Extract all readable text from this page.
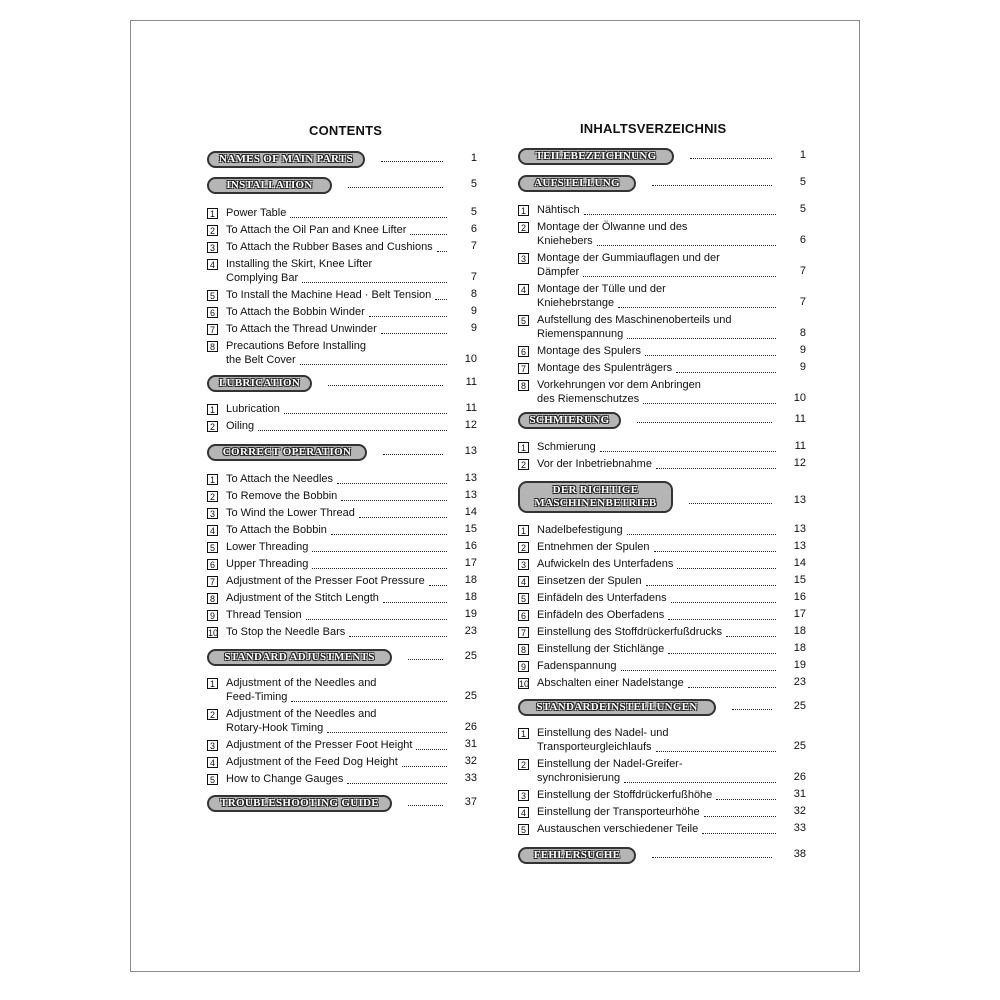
CONTENTS
NAMES OF MAIN PARTS	1
INSTALLATION	5
1 Power Table	5
2 To Attach the Oil Pan and Knee Lifter	6
3 To Attach the Rubber Bases and Cushions	7
4 Installing the Skirt, Knee Lifter
Complying Bar	7
5 To Install the Machine Head · Belt Tension	8
6 To Attach the Bobbin Winder	9
7 To Attach the Thread Unwinder	9
8 Precautions Before Installing
the Belt Cover	10
LUBRICATION	11
1 Lubrication	11
2 Oiling	12
CORRECT OPERATION	13
1 To Attach the Needles	13
2 To Remove the Bobbin	13
3 To Wind the Lower Thread	14
4 To Attach the Bobbin	15
5 Lower Threading	16
6 Upper Threading	17
7 Adjustment of the Presser Foot Pressure	18
8 Adjustment of the Stitch Length	18
9 Thread Tension	19
10 To Stop the Needle Bars	23
STANDARD ADJUSTMENTS	25
1 Adjustment of the Needles and
Feed-Timing	25
2 Adjustment of the Needles and
Rotary-Hook Timing	26
3 Adjustment of the Presser Foot Height	31
4 Adjustment of the Feed Dog Height	32
5 How to Change Gauges	33
TROUBLESHOOTING GUIDE	37
INHALTSVERZEICHNIS
TEILEBEZEICHNUNG	1
AUFSTELLUNG	5
1 Nähtisch	5
2 Montage der Ölwanne und des
Kniehebers	6
3 Montage der Gummiauflagen und der
Dämpfer	7
4 Montage der Tülle und der
Kniehebrstange	7
5 Aufstellung des Maschinenoberteils und
Riemenspannung	8
6 Montage des Spulers	9
7 Montage des Spulenträgers	9
8 Vorkehrungen vor dem Anbringen
des Riemenschutzes	10
SCHMIERUNG	11
1 Schmierung	11
2 Vor der Inbetriebnahme	12
DER RICHTIGE
MASCHINENBETRIEB	13
1 Nadelbefestigung	13
2 Entnehmen der Spulen	13
3 Aufwickeln des Unterfadens	14
4 Einsetzen der Spulen	15
5 Einfädeln des Unterfadens	16
6 Einfädeln des Oberfadens	17
7 Einstellung des Stoffdrückerfußdrucks	18
8 Einstellung der Stichlänge	18
9 Fadenspannung	19
10 Abschalten einer Nadelstange	23
STANDARDEINSTELLUNGEN	25
1 Einstellung des Nadel- und
Transporteurgleichlaufs	25
2 Einstellung der Nadel-Greifer-
synchronisierung	26
3 Einstellung der Stoffdrückerfußhöhe	31
4 Einstellung der Transporteurhöhe	32
5 Austauschen verschiedener Teile	33
FEHLERSUCHE	38
